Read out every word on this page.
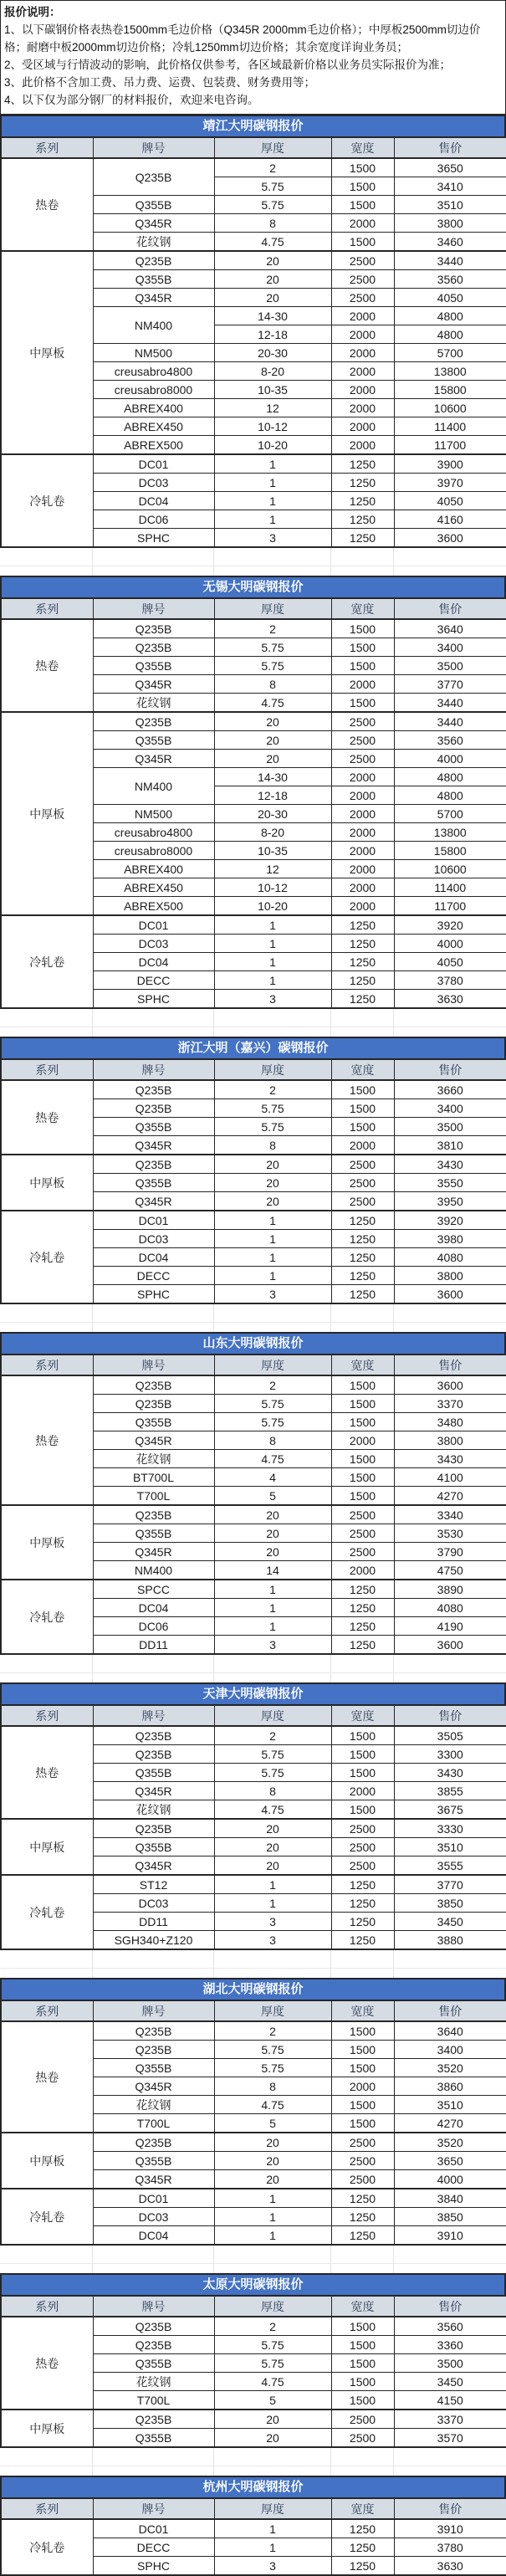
报价说明：
1、以下碳钢价格表热卷1500mm毛边价格（Q345R 2000mm毛边价格）；中厚板2500mm切边价格；耐磨中板2000mm切边价格；冷轧1250mm切边价格；其余宽度详询业务员；
2、受区域与行情波动的影响，此价格仅供参考，各区域最新价格以业务员实际报价为准；
3、此价格不含加工费、吊力费、运费、包装费、财务费用等；
4、以下仅为部分钢厂的材料报价，欢迎来电咨询。
靖江大明碳钢报价
系列	牌号	厚度	宽度	售价
热卷	Q235B	2	1500	3650
		5.75	1500	3410
	Q355B	5.75	1500	3510
	Q345R	8	2000	3800
	花纹钢	4.75	1500	3460
中厚板	Q235B	20	2500	3440
	Q355B	20	2500	3560
	Q345R	20	2500	4050
	NM400	14-30	2000	4800
		12-18	2000	4800
	NM500	20-30	2000	5700
	creusabro4800	8-20	2000	13800
	creusabro8000	10-35	2000	15800
	ABREX400	12	2000	10600
	ABREX450	10-12	2000	11400
	ABREX500	10-20	2000	11700
冷轧卷	DC01	1	1250	3900
	DC03	1	1250	3970
	DC04	1	1250	4050
	DC06	1	1250	4160
	SPHC	3	1250	3600
无锡大明碳钢报价
系列	牌号	厚度	宽度	售价
热卷	Q235B	2	1500	3640
	Q235B	5.75	1500	3400
	Q355B	5.75	1500	3500
	Q345R	8	2000	3770
	花纹钢	4.75	1500	3440
中厚板	Q235B	20	2500	3440
	Q355B	20	2500	3560
	Q345R	20	2500	4000
	NM400	14-30	2000	4800
		12-18	2000	4800
	NM500	20-30	2000	5700
	creusabro4800	8-20	2000	13800
	creusabro8000	10-35	2000	15800
	ABREX400	12	2000	10600
	ABREX450	10-12	2000	11400
	ABREX500	10-20	2000	11700
冷轧卷	DC01	1	1250	3920
	DC03	1	1250	4000
	DC04	1	1250	4050
	DECC	1	1250	3780
	SPHC	3	1250	3630
浙江大明（嘉兴）碳钢报价
系列	牌号	厚度	宽度	售价
热卷	Q235B	2	1500	3660
	Q235B	5.75	1500	3400
	Q355B	5.75	1500	3500
	Q345R	8	2000	3810
中厚板	Q235B	20	2500	3430
	Q355B	20	2500	3550
	Q345R	20	2500	3950
冷轧卷	DC01	1	1250	3920
	DC03	1	1250	3980
	DC04	1	1250	4080
	DECC	1	1250	3800
	SPHC	3	1250	3600
山东大明碳钢报价
系列	牌号	厚度	宽度	售价
热卷	Q235B	2	1500	3600
	Q235B	5.75	1500	3370
	Q355B	5.75	1500	3480
	Q345R	8	2000	3800
	花纹钢	4.75	1500	3430
	BT700L	4	1500	4100
	T700L	5	1500	4270
中厚板	Q235B	20	2500	3340
	Q355B	20	2500	3530
	Q345R	20	2500	3790
	NM400	14	2000	4750
冷轧卷	SPCC	1	1250	3890
	DC04	1	1250	4080
	DC06	1	1250	4190
	DD11	3	1250	3600
天津大明碳钢报价
系列	牌号	厚度	宽度	售价
热卷	Q235B	2	1500	3505
	Q235B	5.75	1500	3300
	Q355B	5.75	1500	3430
	Q345R	8	2000	3855
	花纹钢	4.75	1500	3675
中厚板	Q235B	20	2500	3330
	Q355B	20	2500	3510
	Q345R	20	2500	3555
冷轧卷	ST12	1	1250	3770
	DC03	1	1250	3850
	DD11	3	1250	3450
	SGH340+Z120	3	1250	3880
湖北大明碳钢报价
系列	牌号	厚度	宽度	售价
热卷	Q235B	2	1500	3640
	Q235B	5.75	1500	3400
	Q355B	5.75	1500	3520
	Q345R	8	2000	3860
	花纹钢	4.75	1500	3510
	T700L	5	1500	4270
中厚板	Q235B	20	2500	3520
	Q355B	20	2500	3650
	Q345R	20	2500	4000
冷轧卷	DC01	1	1250	3840
	DC03	1	1250	3850
	DC04	1	1250	3910
太原大明碳钢报价
系列	牌号	厚度	宽度	售价
热卷	Q235B	2	1500	3560
	Q235B	5.75	1500	3360
	Q355B	5.75	1500	3500
	花纹钢	4.75	1500	3450
	T700L	5	1500	4150
中厚板	Q235B	20	2500	3370
	Q355B	20	2500	3570
杭州大明碳钢报价
系列	牌号	厚度	宽度	售价
冷轧卷	DC01	1	1250	3910
	DECC	1	1250	3780
	SPHC	3	1250	3630
